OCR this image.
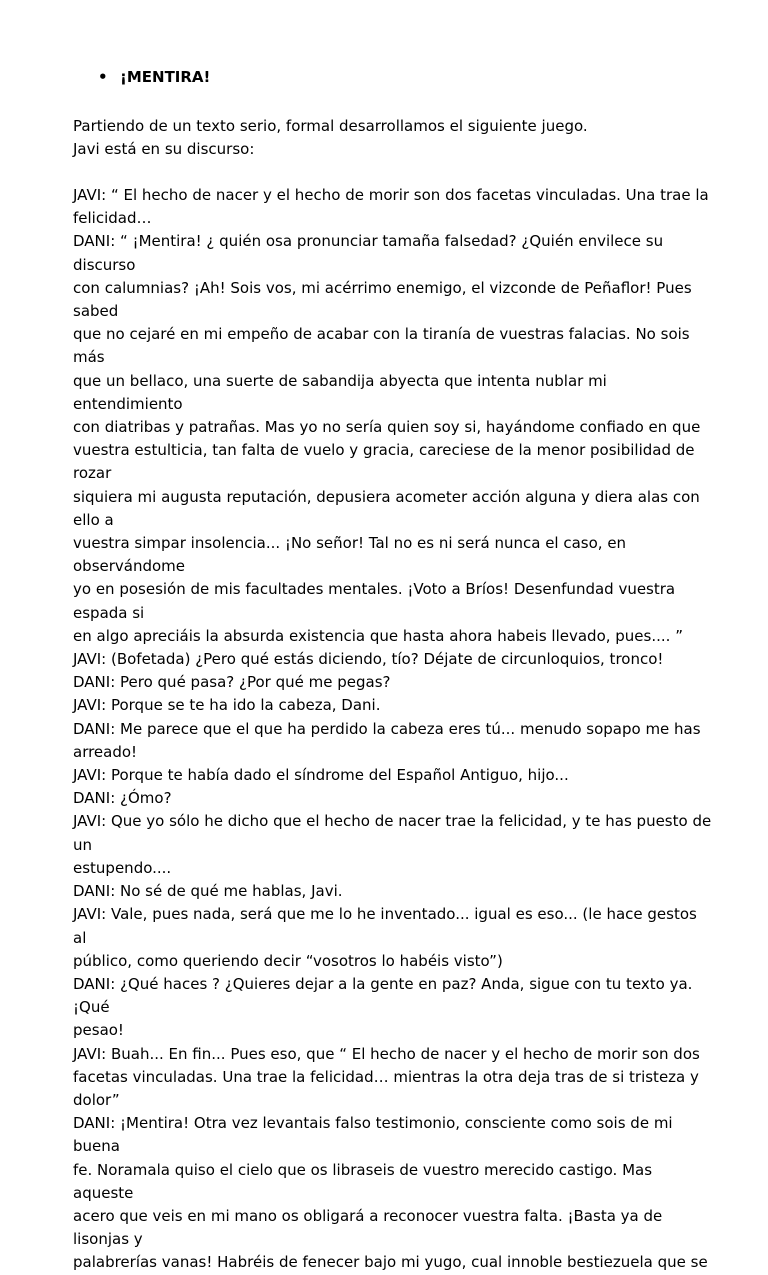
• ¡MENTIRA!
Partiendo de un texto serio, formal desarrollamos el siguiente juego.
Javi está en su discurso:
JAVI: “ El hecho de nacer y el hecho de morir son dos facetas vinculadas. Una trae la
felicidad…
DANI: “ ¡Mentira! ¿ quién osa pronunciar tamaña falsedad? ¿Quién envilece su discurso
con calumnias? ¡Ah! Sois vos, mi acérrimo enemigo, el vizconde de Peñaflor! Pues sabed
que no cejaré en mi empeño de acabar con la tiranía de vuestras falacias. No sois más
que un bellaco, una suerte de sabandija abyecta que intenta nublar mi entendimiento
con diatribas y patrañas. Mas yo no sería quien soy si, hayándome confiado en que
vuestra estulticia, tan falta de vuelo y gracia, careciese de la menor posibilidad de rozar
siquiera mi augusta reputación, depusiera acometer acción alguna y diera alas con ello a
vuestra simpar insolencia... ¡No señor! Tal no es ni será nunca el caso, en observándome
yo en posesión de mis facultades mentales. ¡Voto a Bríos! Desenfundad vuestra espada si
en algo apreciáis la absurda existencia que hasta ahora habeis llevado, pues.... ”
JAVI: (Bofetada) ¿Pero qué estás diciendo, tío? Déjate de circunloquios, tronco!
DANI: Pero qué pasa? ¿Por qué me pegas?
JAVI: Porque se te ha ido la cabeza, Dani.
DANI: Me parece que el que ha perdido la cabeza eres tú... menudo sopapo me has
arreado!
JAVI: Porque te había dado el síndrome del Español Antiguo, hijo...
DANI: ¿Ómo?
JAVI: Que yo sólo he dicho que el hecho de nacer trae la felicidad, y te has puesto de un
estupendo....
DANI: No sé de qué me hablas, Javi.
JAVI: Vale, pues nada, será que me lo he inventado... igual es eso... (le hace gestos al
público, como queriendo decir “vosotros lo habéis visto”)
DANI: ¿Qué haces ? ¿Quieres dejar a la gente en paz? Anda, sigue con tu texto ya. ¡Qué
pesao!
JAVI: Buah... En fin... Pues eso, que “ El hecho de nacer y el hecho de morir son dos
facetas vinculadas. Una trae la felicidad… mientras la otra deja tras de si tristeza y
dolor”
DANI: ¡Mentira! Otra vez levantais falso testimonio, consciente como sois de mi buena
fe. Noramala quiso el cielo que os libraseis de vuestro merecido castigo. Mas aqueste
acero que veis en mi mano os obligará a reconocer vuestra falta. ¡Basta ya de lisonjas y
palabrerías vanas! Habréis de fenecer bajo mi yugo, cual innoble bestiezuela que se
